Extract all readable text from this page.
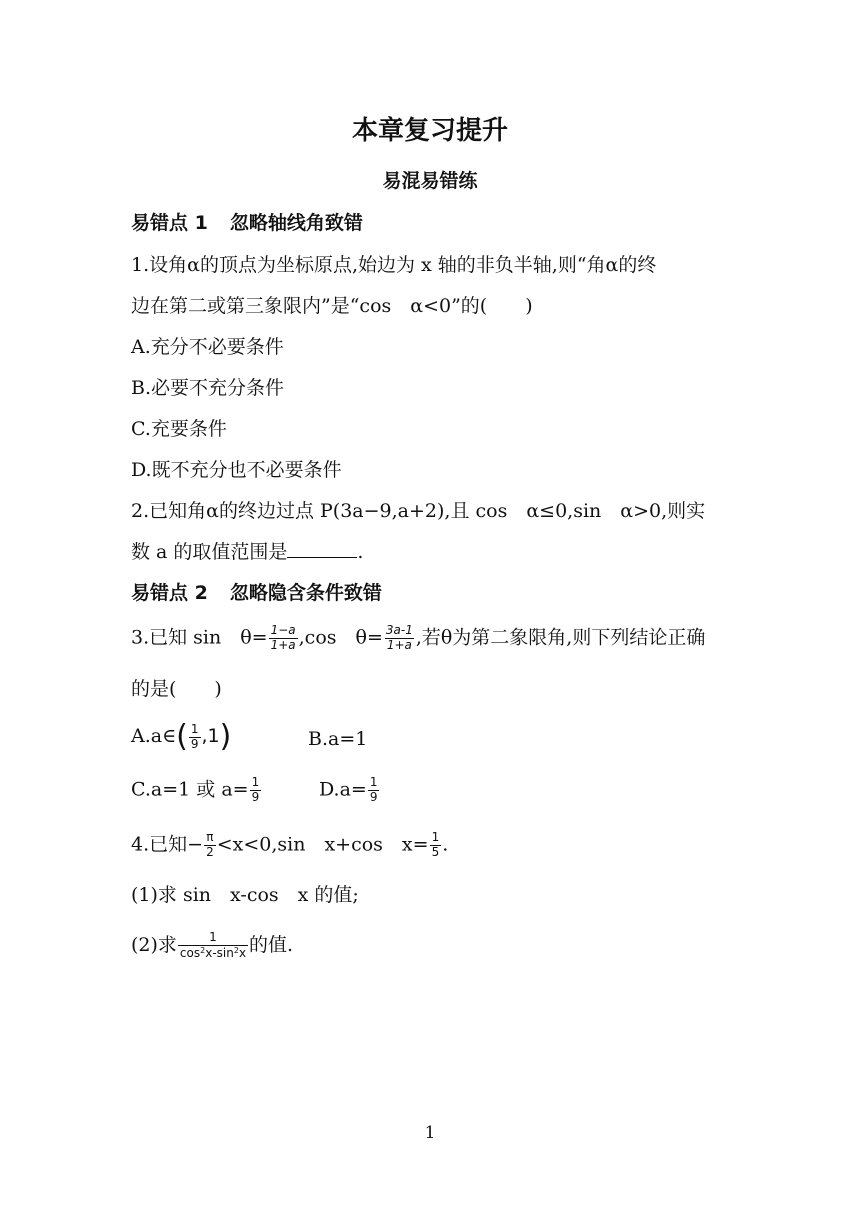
本章复习提升
易混易错练
易错点 1 忽略轴线角致错
1.设角α的顶点为坐标原点,始边为 x 轴的非负半轴,则“角α的终
边在第二或第三象限内”是“cos　α<0”的(　　)
A.充分不必要条件
B.必要不充分条件
C.充要条件
D.既不充分也不必要条件
2.已知角α的终边过点 P(3a−9,a+2),且 cos　α≤0,sin　α>0,则实
数 a 的取值范围是	.
易错点 2 忽略隐含条件致错
3.已知 sin　$\theta= \frac{1-a}{1+a} ,\cos$　$\theta= \frac{3a-1}{1+a}$ ,若θ为第二象限角,则下列结论正确
的是(　　)
A.a∈( $\frac{1}{9} ,1$)	B.a=1
C.a=1 或 $a= \frac{1}{9}$	$D.a= \frac{1}{9}$
4.已知− $\frac{\pi}{2} <x<0,\sin$　x+cos　$x= \frac{1}{5}$ .
(1)求 sin　x-cos　x 的值;
(2)求 $\frac{1}{\cos^2x-\sin^2x}$ 的值.
1
